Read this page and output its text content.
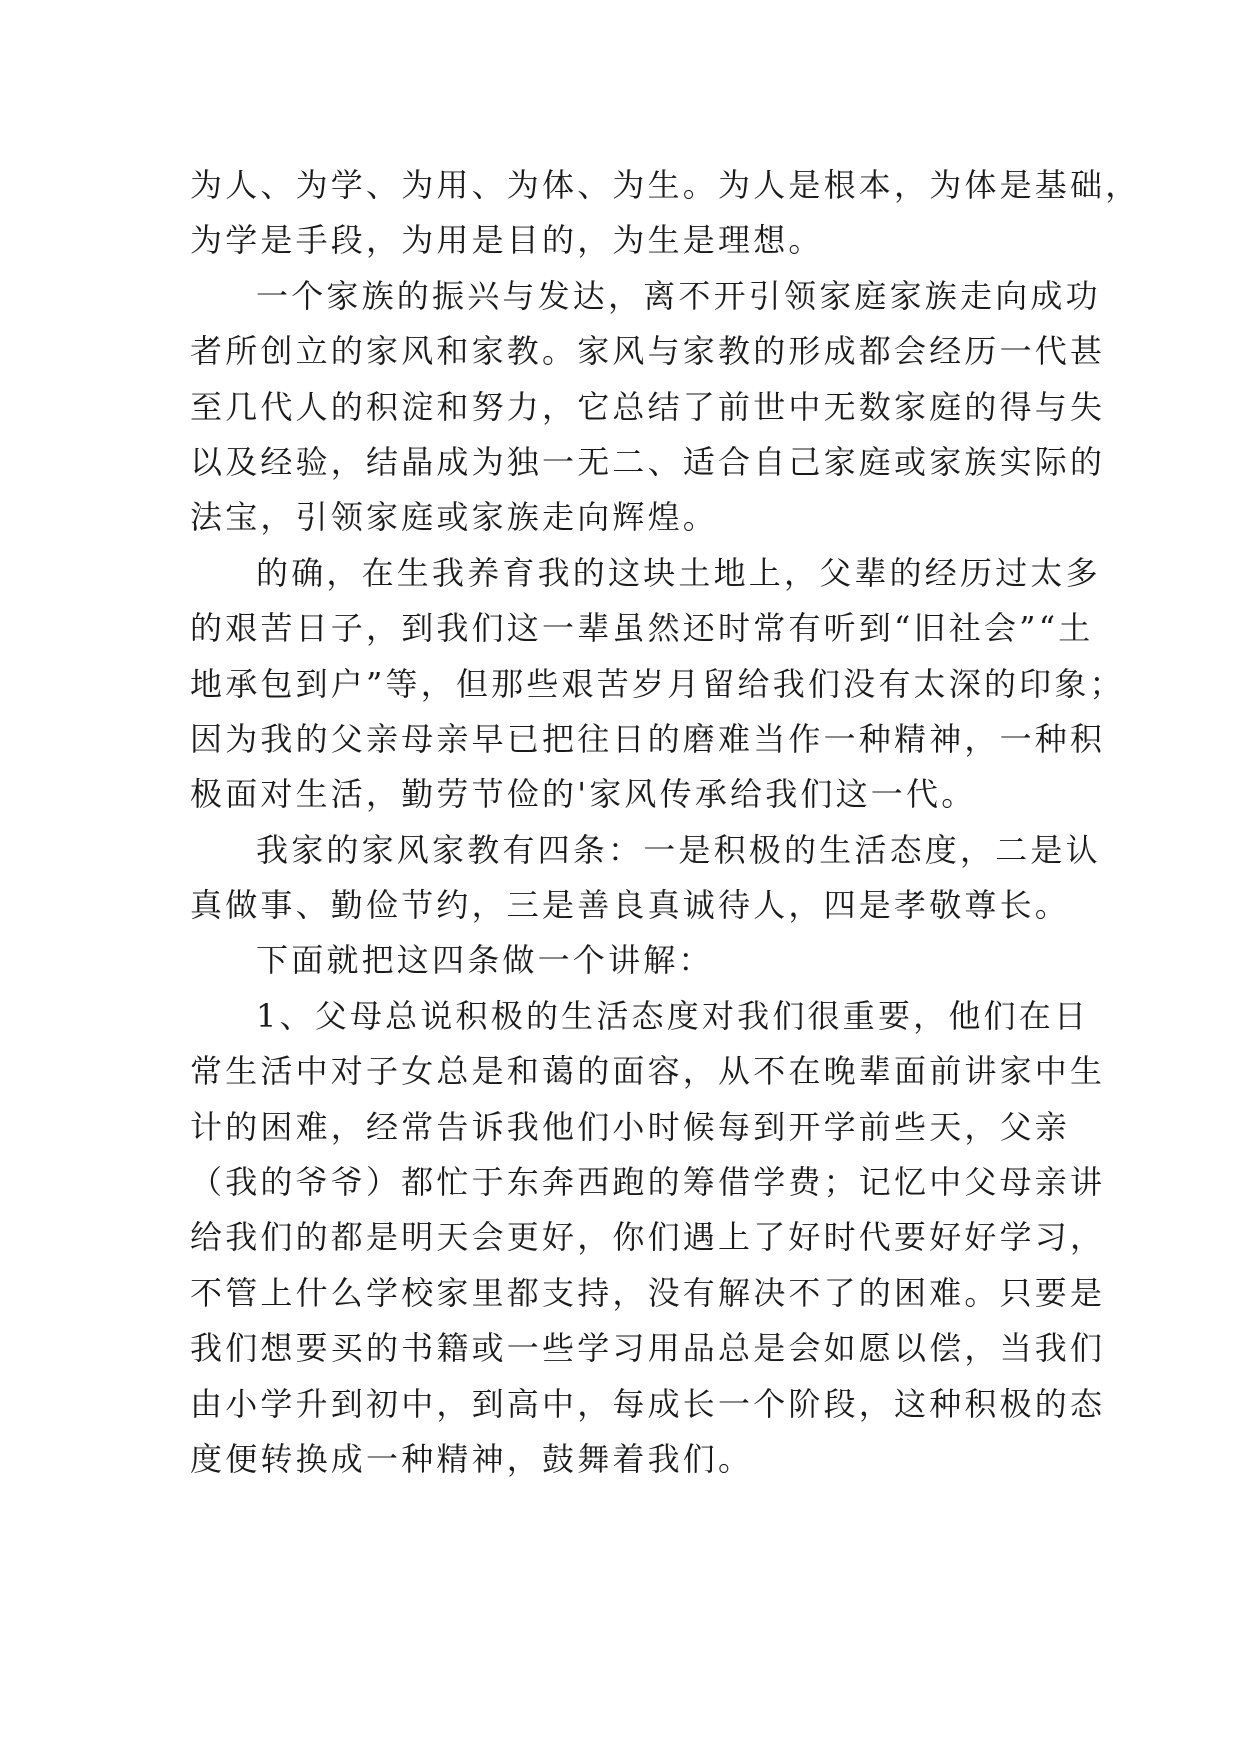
为人、为学、为用、为体、为生。为人是根本，为体是基础，
为学是手段，为用是目的，为生是理想。
一个家族的振兴与发达，离不开引领家庭家族走向成功
者所创立的家风和家教。家风与家教的形成都会经历一代甚
至几代人的积淀和努力，它总结了前世中无数家庭的得与失
以及经验，结晶成为独一无二、适合自己家庭或家族实际的
法宝，引领家庭或家族走向辉煌。
的确，在生我养育我的这块土地上，父辈的经历过太多
的艰苦日子，到我们这一辈虽然还时常有听到“旧社会”“土
地承包到户”等，但那些艰苦岁月留给我们没有太深的印象；
因为我的父亲母亲早已把往日的磨难当作一种精神，一种积
极面对生活，勤劳节俭的'家风传承给我们这一代。
我家的家风家教有四条：一是积极的生活态度，二是认
真做事、勤俭节约，三是善良真诚待人，四是孝敬尊长。
下面就把这四条做一个讲解：
1、父母总说积极的生活态度对我们很重要，他们在日
常生活中对子女总是和蔼的面容，从不在晚辈面前讲家中生
计的困难，经常告诉我他们小时候每到开学前些天，父亲
（我的爷爷）都忙于东奔西跑的筹借学费；记忆中父母亲讲
给我们的都是明天会更好，你们遇上了好时代要好好学习，
不管上什么学校家里都支持，没有解决不了的困难。只要是
我们想要买的书籍或一些学习用品总是会如愿以偿，当我们
由小学升到初中，到高中，每成长一个阶段，这种积极的态
度便转换成一种精神，鼓舞着我们。
